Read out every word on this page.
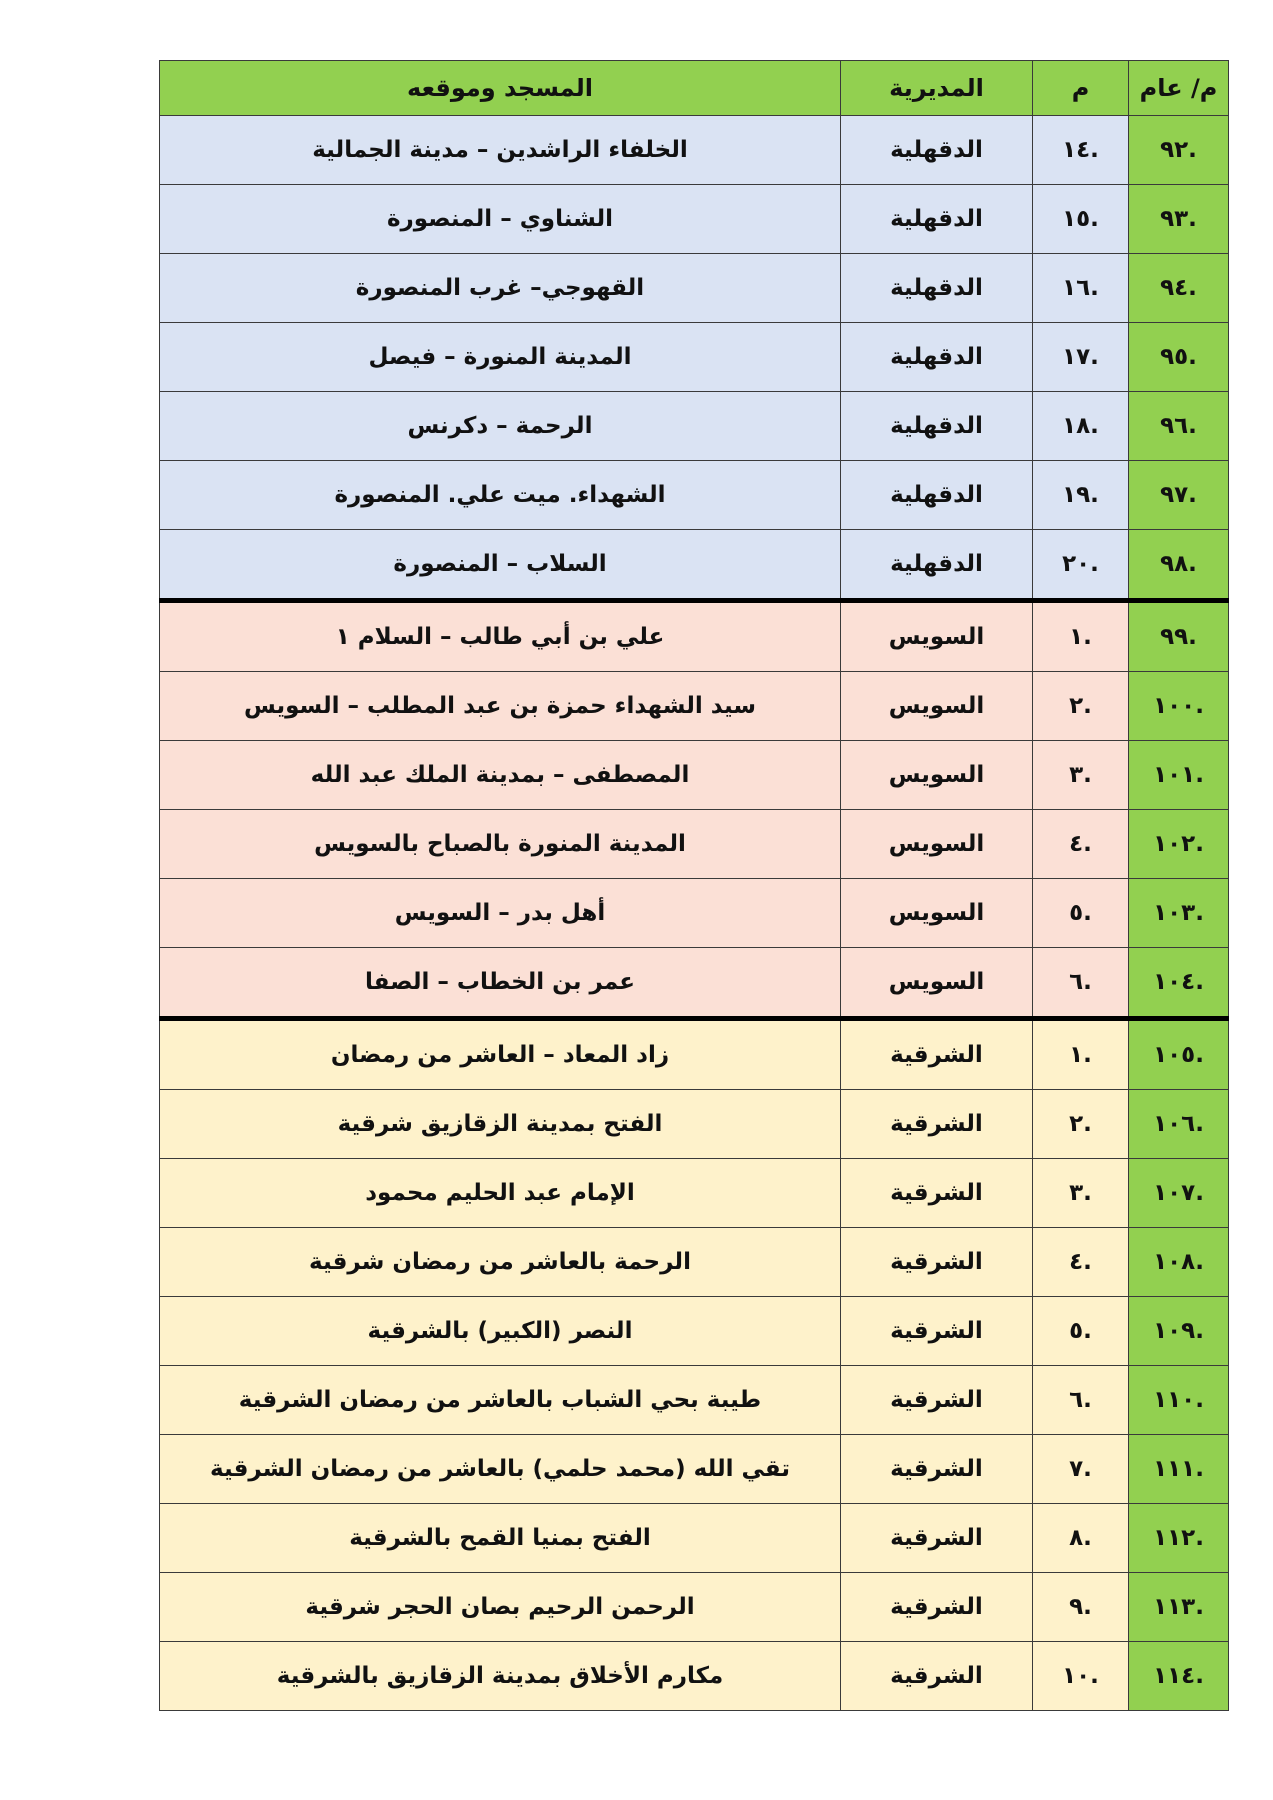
م/ عام	م	المديرية	المسجد وموقعه
.٩٢	.١٤	الدقهلية	الخلفاء الراشدين – مدينة الجمالية
.٩٣	.١٥	الدقهلية	الشناوي – المنصورة
.٩٤	.١٦	الدقهلية	القهوجي– غرب المنصورة
.٩٥	.١٧	الدقهلية	المدينة المنورة – فيصل
.٩٦	.١٨	الدقهلية	الرحمة – دكرنس
.٩٧	.١٩	الدقهلية	الشهداء. ميت علي. المنصورة
.٩٨	.٢٠	الدقهلية	السلاب – المنصورة
.٩٩	.١	السويس	علي بن أبي طالب – السلام ١
.١٠٠	.٢	السويس	سيد الشهداء حمزة بن عبد المطلب – السويس
.١٠١	.٣	السويس	المصطفى – بمدينة الملك عبد الله
.١٠٢	.٤	السويس	المدينة المنورة بالصباح بالسويس
.١٠٣	.٥	السويس	أهل بدر – السويس
.١٠٤	.٦	السويس	عمر بن الخطاب – الصفا
.١٠٥	.١	الشرقية	زاد المعاد – العاشر من رمضان
.١٠٦	.٢	الشرقية	الفتح بمدينة الزقازيق شرقية
.١٠٧	.٣	الشرقية	الإمام عبد الحليم محمود
.١٠٨	.٤	الشرقية	الرحمة بالعاشر من رمضان شرقية
.١٠٩	.٥	الشرقية	النصر (الكبير) بالشرقية
.١١٠	.٦	الشرقية	طيبة بحي الشباب بالعاشر من رمضان الشرقية
.١١١	.٧	الشرقية	تقي الله (محمد حلمي) بالعاشر من رمضان الشرقية
.١١٢	.٨	الشرقية	الفتح بمنيا القمح بالشرقية
.١١٣	.٩	الشرقية	الرحمن الرحيم بصان الحجر شرقية
.١١٤	.١٠	الشرقية	مكارم الأخلاق بمدينة الزقازيق بالشرقية
